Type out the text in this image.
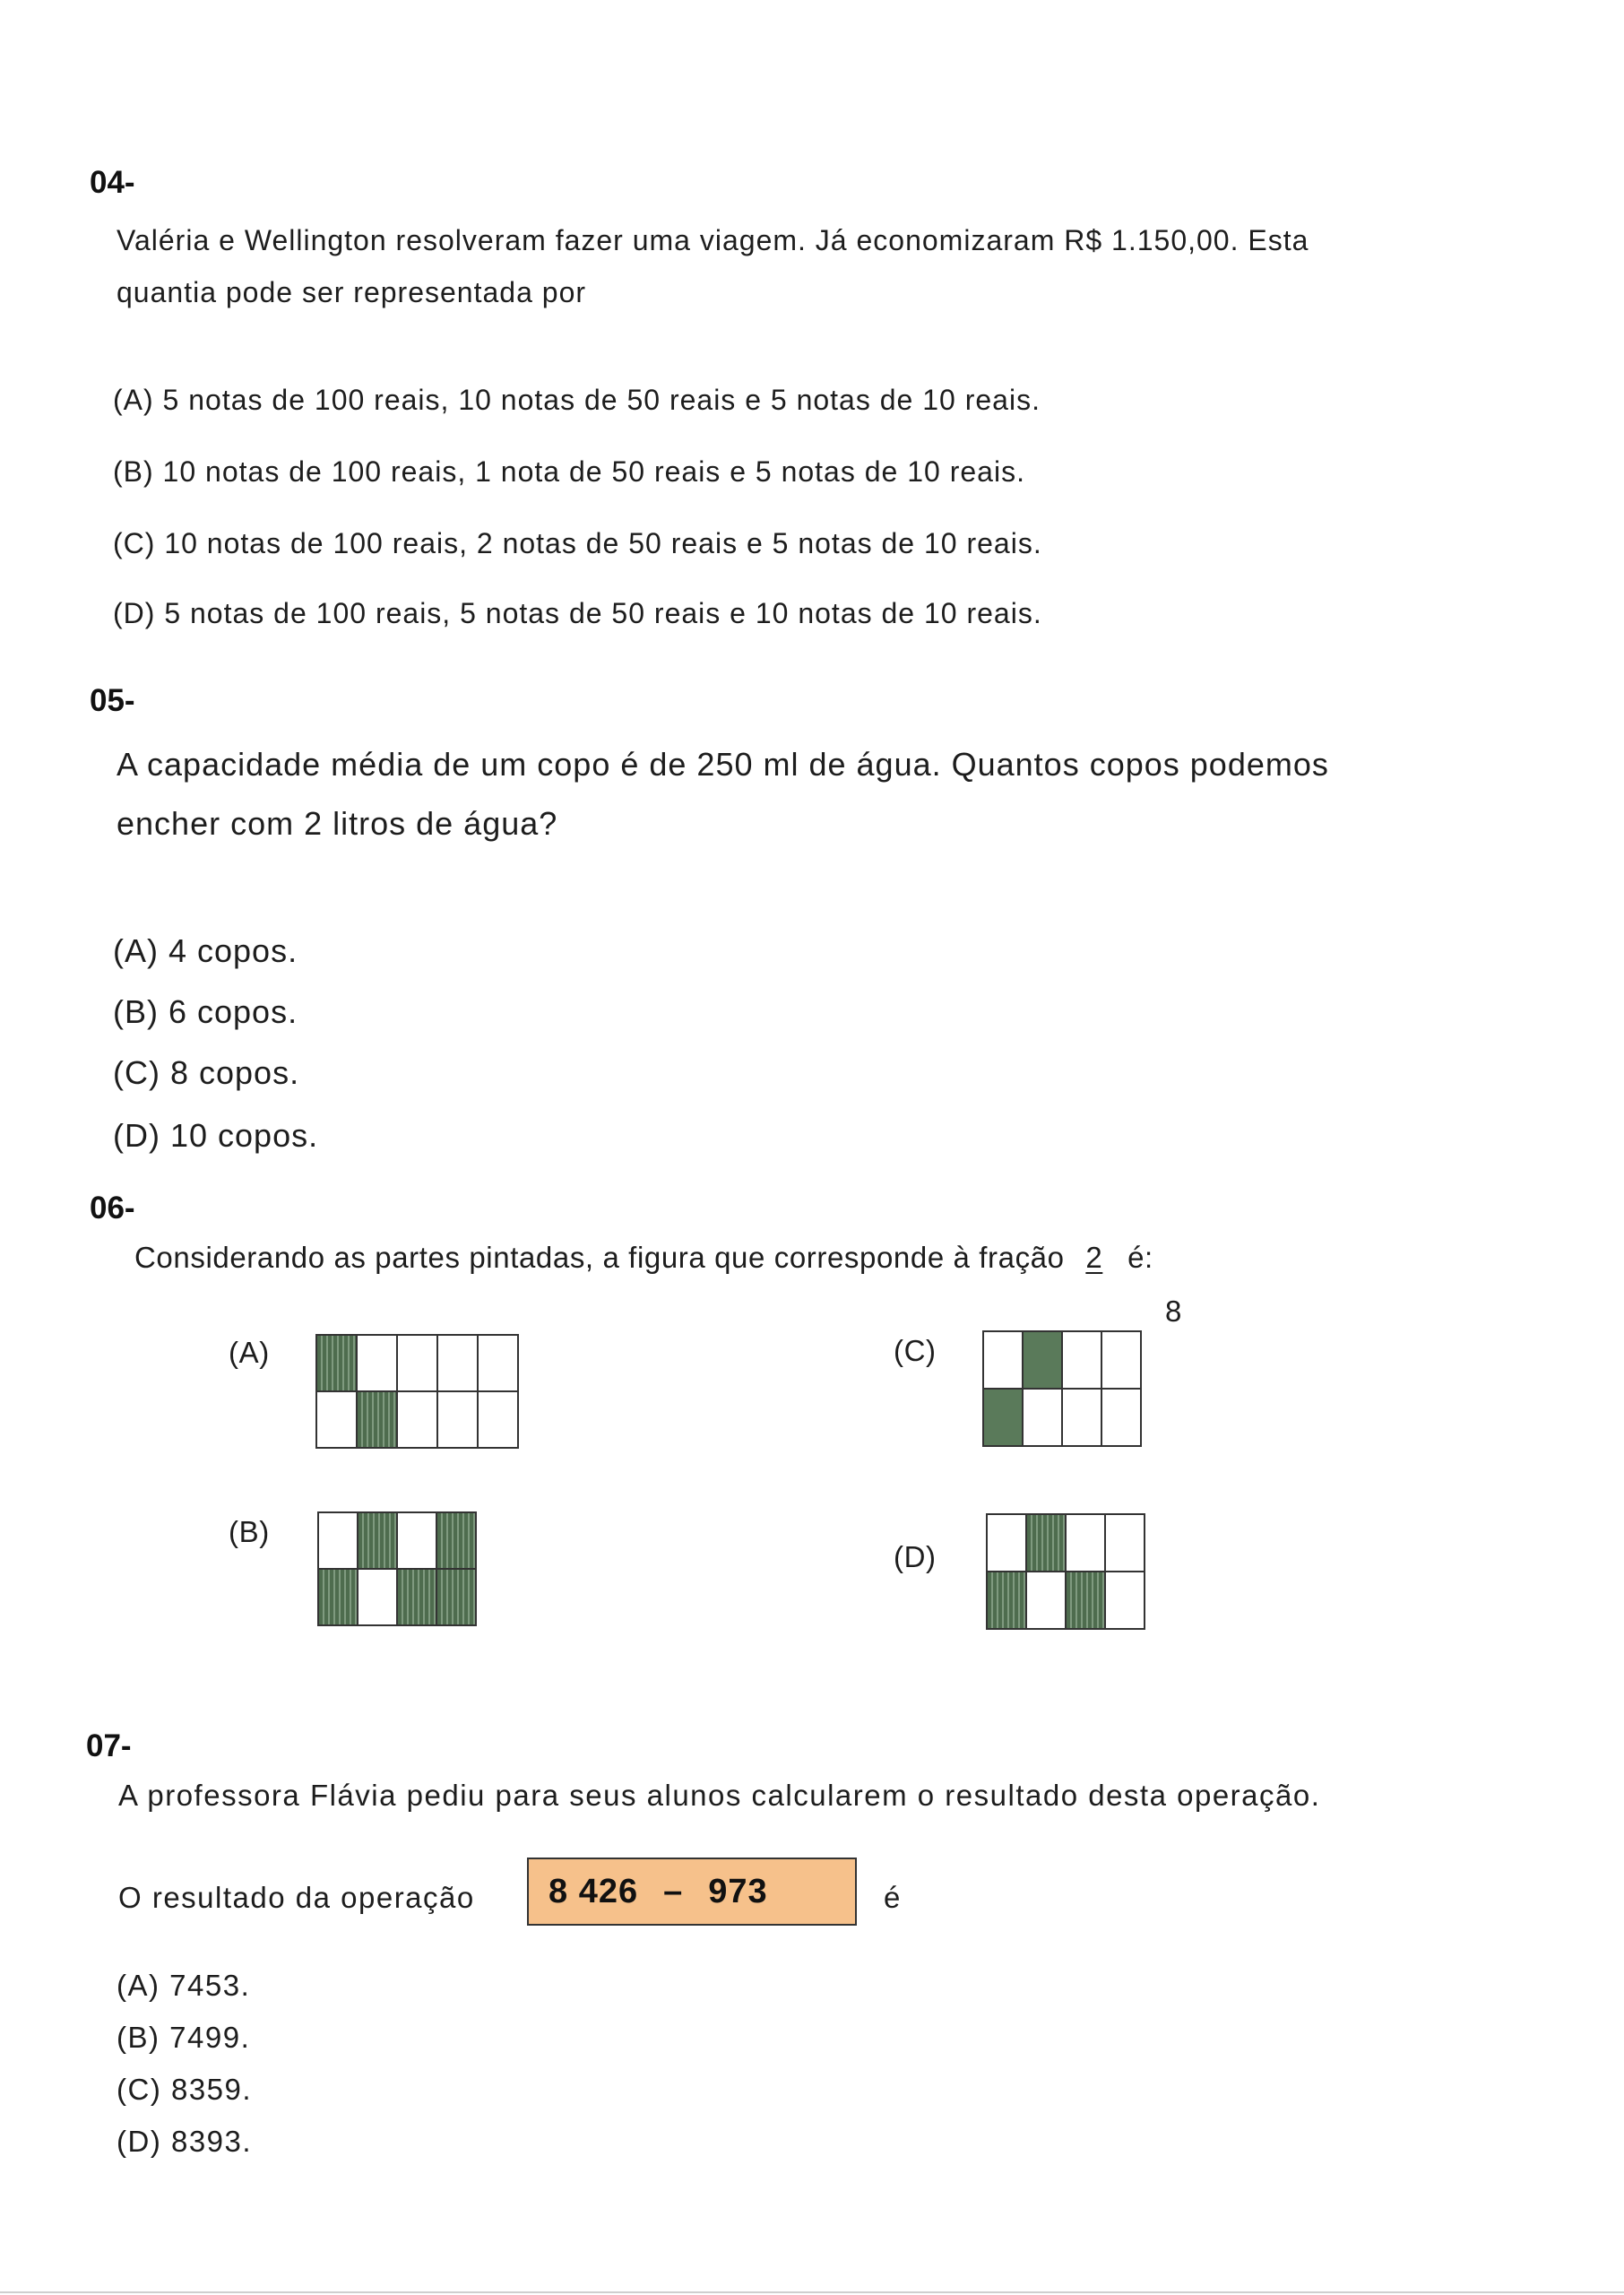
04-
Valéria e Wellington resolveram fazer uma viagem. Já economizaram R$ 1.150,00. Esta
quantia pode ser representada por
(A) 5 notas de 100 reais, 10 notas de 50 reais e 5 notas de 10 reais.
(B) 10 notas de 100 reais, 1 nota de 50 reais e 5 notas de 10 reais.
(C) 10 notas de 100 reais, 2 notas de 50 reais e 5 notas de 10 reais.
(D) 5 notas de 100 reais, 5 notas de 50 reais e 10 notas de 10 reais.
05-
A capacidade média de um copo é de 250 ml de água. Quantos copos podemos
encher com 2 litros de água?
(A) 4 copos.
(B) 6 copos.
(C) 8 copos.
(D) 10 copos.
06-
Considerando as partes pintadas, a figura que corresponde à fração 2 é:
8
(A)
(B)
(C)
(D)
07-
A professora Flávia pediu para seus alunos calcularem o resultado desta operação.
O resultado da operação 8 426 – 973	é
(A) 7453.
(B) 7499.
(C) 8359.
(D) 8393.
